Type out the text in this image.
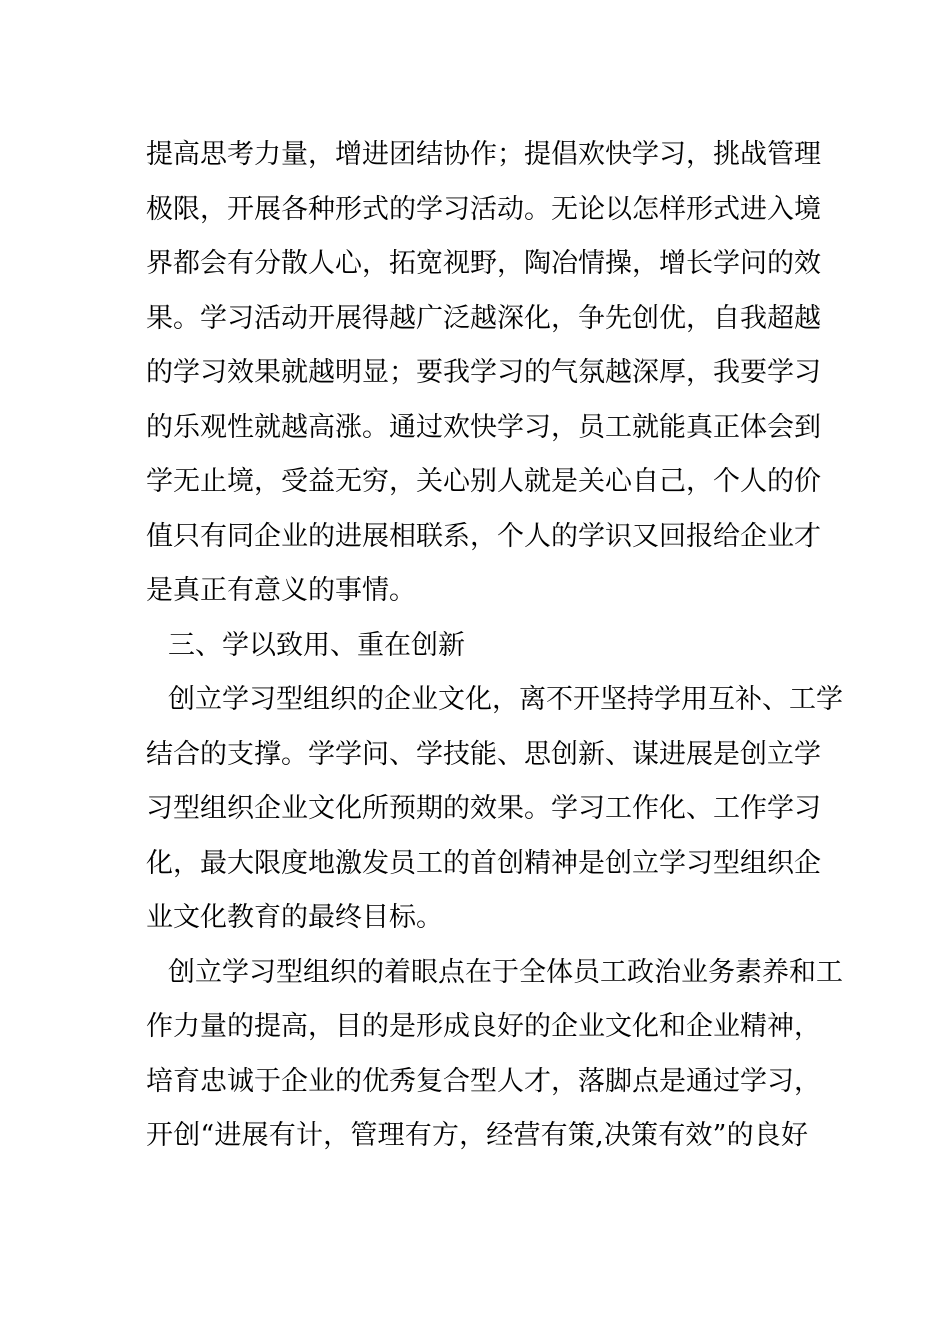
提高思考力量，增进团结协作；提倡欢快学习，挑战管理
极限，开展各种形式的学习活动。无论以怎样形式进入境
界都会有分散人心，拓宽视野，陶冶情操，增长学问的效
果。学习活动开展得越广泛越深化，争先创优，自我超越
的学习效果就越明显；要我学习的气氛越深厚，我要学习
的乐观性就越高涨。通过欢快学习，员工就能真正体会到
学无止境，受益无穷，关心别人就是关心自己，个人的价
值只有同企业的进展相联系，个人的学识又回报给企业才
是真正有意义的事情。
三、学以致用、重在创新
创立学习型组织的企业文化，离不开坚持学用互补、工学
结合的支撑。学学问、学技能、思创新、谋进展是创立学
习型组织企业文化所预期的效果。学习工作化、工作学习
化，最大限度地激发员工的首创精神是创立学习型组织企
业文化教育的最终目标。
创立学习型组织的着眼点在于全体员工政治业务素养和工
作力量的提高，目的是形成良好的企业文化和企业精神，
培育忠诚于企业的优秀复合型人才，落脚点是通过学习，
开创“进展有计，管理有方，经营有策,决策有效”的良好
